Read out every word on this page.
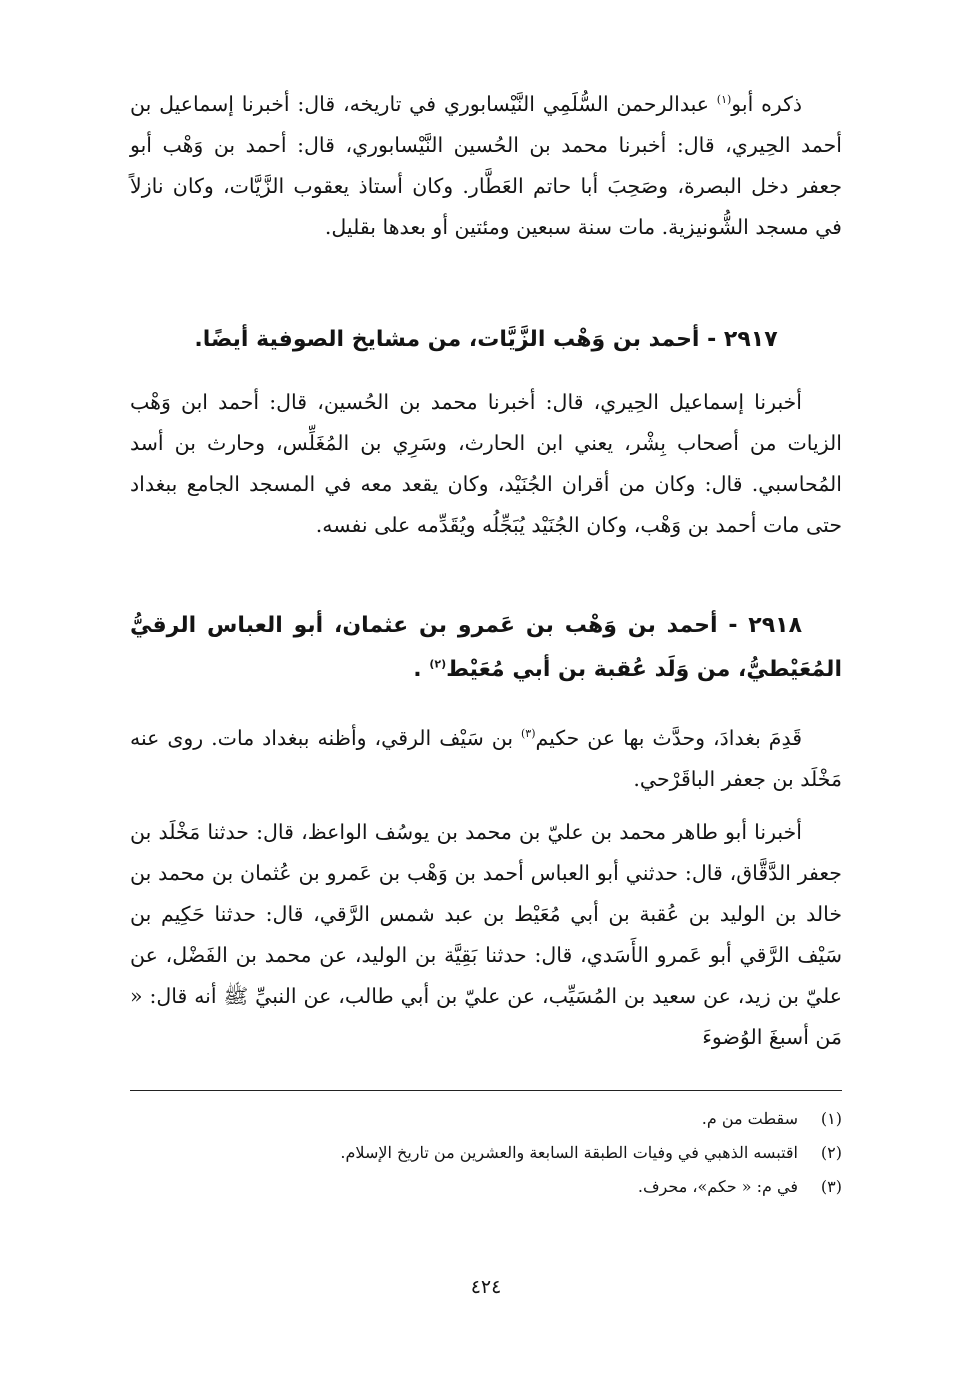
ذكره أبو$^{(١)}$ عبدالرحمن السُّلَمِي النَّيْسابوري في تاريخه، قال: أخبرنا إسماعيل بن أحمد الحِيري، قال: أخبرنا محمد بن الحُسين النَّيْسابوري، قال: أحمد بن وَهْب أبو جعفر دخل البصرة، وصَحِبَ أبا حاتم العَطَّار. وكان أستاذ يعقوب الزَّيَّات، وكان نازلاً في مسجد الشُّونيزية. مات سنة سبعين ومئتين أو بعدها بقليل.

٢٩١٧ - أحمد بن وَهْب الزَّيَّات، من مشايخ الصوفية أيضًا.

أخبرنا إسماعيل الحِيري، قال: أخبرنا محمد بن الحُسين، قال: أحمد ابن وَهْب الزيات من أصحاب بِشْر، يعني ابن الحارث، وسَرِي بن المُغَلِّس، وحارث بن أسد المُحاسبي. قال: وكان من أقران الجُنَيْد، وكان يقعد معه في المسجد الجامع ببغداد حتى مات أحمد بن وَهْب، وكان الجُنَيْد يُبَجِّلُه ويُقَدِّمه على نفسه.

٢٩١٨ - أحمد بن وَهْب بن عَمرو بن عثمان، أبو العباس الرقيُّ المُعَيْطيُّ، من وَلَد عُقبة بن أبي مُعَيْط$^{(٢)}$ .

قَدِمَ بغدادَ، وحدَّث بها عن حكيم$^{(٣)}$ بن سَيْف الرقي، وأظنه ببغداد مات. روى عنه مَخْلَد بن جعفر الباقَرْحي.

أخبرنا أبو طاهر محمد بن عليّ بن محمد بن يوسُف الواعظ، قال: حدثنا مَخْلَد بن جعفر الدَّقَّاق، قال: حدثني أبو العباس أحمد بن وَهْب بن عَمرو بن عُثمان بن محمد بن خالد بن الوليد بن عُقبة بن أبي مُعَيْط بن عبد شمس الرَّقي، قال: حدثنا حَكِيم بن سَيْف الرَّقي أبو عَمرو الأَسَدي، قال: حدثنا بَقِيَّة بن الوليد، عن محمد بن الفَضْل، عن عليّ بن زيد، عن سعيد بن المُسَيِّب، عن عليّ بن أبي طالب، عن النبيِّ ﷺ أنه قال: « مَن أسبغَ الوُضوءَ

(١)
سقطت من م.
(٢)
اقتبسه الذهبي في وفيات الطبقة السابعة والعشرين من تاريخ الإسلام.
(٣)
في م: « حكم»، محرف.
٤٢٤
